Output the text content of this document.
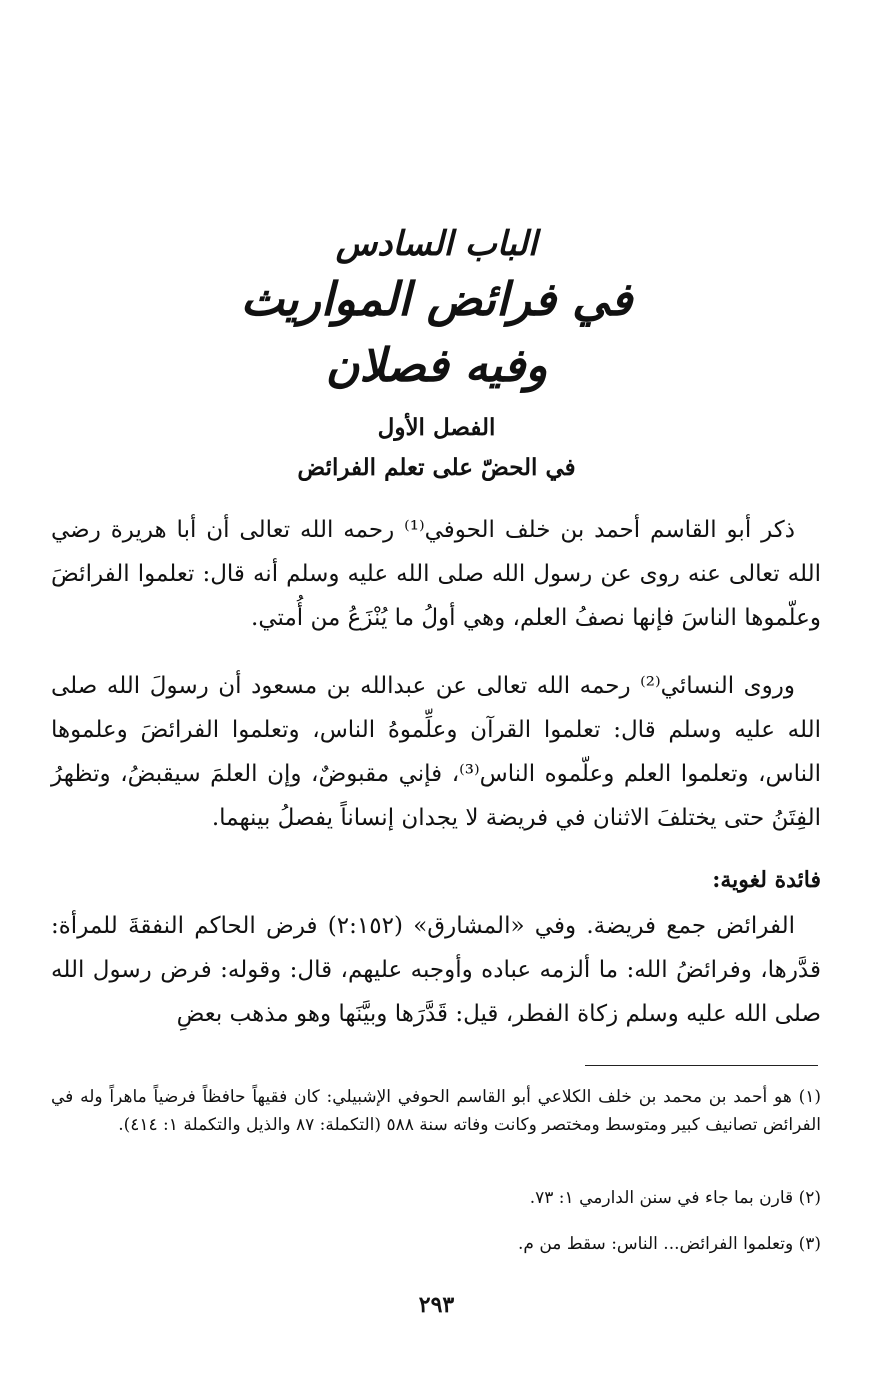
الباب السادس
في فرائض المواريث
وفيه فصلان
الفصل الأول
في الحضّ على تعلم الفرائض
ذكر أبو القاسم أحمد بن خلف الحوفي⁽¹⁾ رحمه الله تعالى أن أبا هريرة رضي الله تعالى عنه روى عن رسول الله صلى الله عليه وسلم أنه قال: تعلموا الفرائضَ وعلّموها الناسَ فإنها نصفُ العلم، وهي أولُ ما يُنْزَعُ من أُمتي.
وروى النسائي⁽²⁾ رحمه الله تعالى عن عبدالله بن مسعود أن رسولَ الله صلى الله عليه وسلم قال: تعلموا القرآن وعلِّموهُ الناس، وتعلموا الفرائضَ وعلموها الناس، وتعلموا العلم وعلّموه الناس⁽³⁾، فإني مقبوضٌ، وإن العلمَ سيقبضُ، وتظهرُ الفِتَنُ حتى يختلفَ الاثنان في فريضة لا يجدان إنساناً يفصلُ بينهما.
فائدة لغوية:
الفرائض جمع فريضة. وفي «المشارق» (٢:١٥٢) فرض الحاكم النفقةَ للمرأة: قدَّرها، وفرائضُ الله: ما ألزمه عباده وأوجبه عليهم، قال: وقوله: فرض رسول الله صلى الله عليه وسلم زكاة الفطر، قيل: قَدَّرَها وبيَّنَها وهو مذهب بعضِ
(١) هو أحمد بن محمد بن خلف الكلاعي أبو القاسم الحوفي الإشبيلي: كان فقيهاً حافظاً فرضياً ماهراً وله في الفرائض تصانيف كبير ومتوسط ومختصر وكانت وفاته سنة ٥٨٨ (التكملة: ٨٧ والذيل والتكملة ١: ٤١٤).
(٢) قارن بما جاء في سنن الدارمي ١: ٧٣.
(٣) وتعلموا الفرائض... الناس: سقط من م.
٢٩٣
